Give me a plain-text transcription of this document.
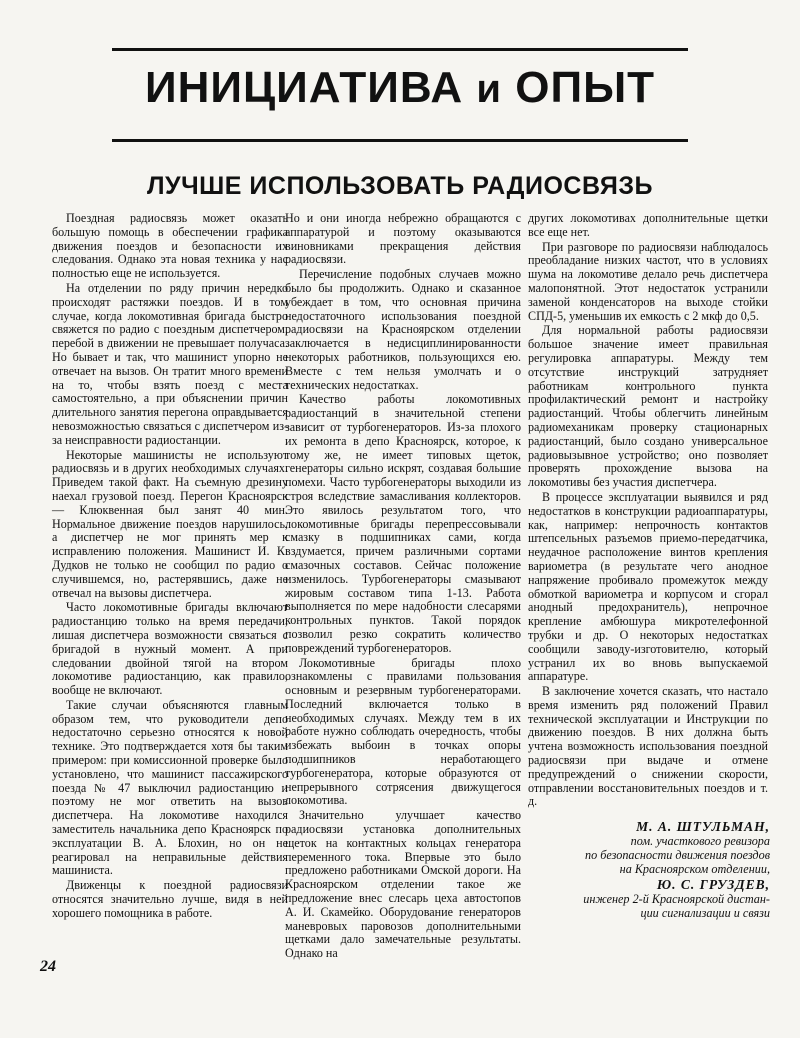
ИНИЦИАТИВА и ОПЫТ
ЛУЧШЕ ИСПОЛЬЗОВАТЬ РАДИОСВЯЗЬ

Поездная радиосвязь может оказать большую помощь в обеспечении графика движения поездов и безопасности их следования. Однако эта новая техника у нас полностью еще не используется.

На отделении по ряду причин нередко происходят растяжки поездов. И в том случае, когда локомотивная бригада быстро свяжется по радио с поездным диспетчером, перебой в движении не превышает получаса. Но бывает и так, что машинист упорно не отвечает на вызов. Он тратит много времени на то, чтобы взять поезд с места самостоятельно, а при объяснении причин длительного занятия перегона оправдывается невозможностью связаться с диспетчером из-за неисправности радиостанции.

Некоторые машинисты не используют радиосвязь и в других необходимых случаях. Приведем такой факт. На съемную дрезину наехал грузовой поезд. Перегон Красноярск — Клюквенная был занят 40 мин. Нормальное движение поездов нарушилось, а диспетчер не мог принять мер к исправлению положения. Машинист И. К. Дудков не только не сообщил по радио о случившемся, но, растерявшись, даже не отвечал на вызовы диспетчера.

Часто локомотивные бригады включают радиостанцию только на время передачи, лишая диспетчера возможности связаться с бригадой в нужный момент. А при следовании двойной тягой на втором локомотиве радиостанцию, как правило, вообще не включают.

Такие случаи объясняются главным образом тем, что руководители депо недостаточно серьезно относятся к новой технике. Это подтверждается хотя бы таким примером: при комиссионной проверке было установлено, что машинист пассажирского поезда № 47 выключил радиостанцию и поэтому не мог ответить на вызов диспетчера. На локомотиве находился заместитель начальника депо Красноярск по эксплуатации В. А. Блохин, но он не реагировал на неправильные действия машиниста.

Движенцы к поездной радиосвязи относятся значительно лучше, видя в ней хорошего помощника в работе.

Но и они иногда небрежно обращаются с аппаратурой и поэтому оказываются виновниками прекращения действия радиосвязи.

Перечисление подобных случаев можно было бы продолжить. Однако и сказанное убеждает в том, что основная причина недостаточного использования поездной радиосвязи на Красноярском отделении заключается в недисциплинированности некоторых работников, пользующихся ею. Вместе с тем нельзя умолчать и о технических недостатках.

Качество работы локомотивных радиостанций в значительной степени зависит от турбогенераторов. Из-за плохого их ремонта в депо Красноярск, которое, к тому же, не имеет типовых щеток, генераторы сильно искрят, создавая большие помехи. Часто турбогенераторы выходили из строя вследствие замасливания коллекторов. Это явилось результатом того, что локомотивные бригады перепрессовывали смазку в подшипниках сами, когда вздумается, причем различными сортами смазочных составов. Сейчас положение изменилось. Турбогенераторы смазывают жировым составом типа 1-13. Работа выполняется по мере надобности слесарями контрольных пунктов. Такой порядок позволил резко сократить количество повреждений турбогенераторов.

Локомотивные бригады плохо ознакомлены с правилами пользования основным и резервным турбогенераторами. Последний включается только в необходимых случаях. Между тем в их работе нужно соблюдать очередность, чтобы избежать выбоин в точках опоры подшипников неработающего турбогенератора, которые образуются от непрерывного сотрясения движущегося локомотива.

Значительно улучшает качество радиосвязи установка дополнительных щеток на контактных кольцах генератора переменного тока. Впервые это было предложено работниками Омской дороги. На Красноярском отделении такое же предложение внес слесарь цеха автостопов А. И. Скамейко. Оборудование генераторов маневровых паровозов дополнительными щетками дало замечательные результаты. Однако на

других локомотивах дополнительные щетки все еще нет.

При разговоре по радиосвязи наблюдалось преобладание низких частот, что в условиях шума на локомотиве делало речь диспетчера малопонятной. Этот недостаток устранили заменой конденсаторов на выходе стойки СПД-5, уменьшив их емкость с 2 мкф до 0,5.

Для нормальной работы радиосвязи большое значение имеет правильная регулировка аппаратуры. Между тем отсутствие инструкций затрудняет работникам контрольного пункта профилактический ремонт и настройку радиостанций. Чтобы облегчить линейным радиомеханикам проверку стационарных радиостанций, было создано универсальное радиовызывное устройство; оно позволяет проверять прохождение вызова на локомотивы без участия диспетчера.

В процессе эксплуатации выявился и ряд недостатков в конструкции радиоаппаратуры, как, например: непрочность контактов штепсельных разъемов приемо-передатчика, неудачное расположение винтов крепления вариометра (в результате чего анодное напряжение пробивало промежуток между обмоткой вариометра и корпусом и сгорал анодный предохранитель), непрочное крепление амбюшура микротелефонной трубки и др. О некоторых недостатках сообщили заводу-изготовителю, который устранил их во вновь выпускаемой аппаратуре.

В заключение хочется сказать, что настало время изменить ряд положений Правил технической эксплуатации и Инструкции по движению поездов. В них должна быть учтена возможность использования поездной радиосвязи при выдаче и отмене предупреждений о снижении скорости, отправлении восстановительных поездов и т. д.

М. А. ШТУЛЬМАН,
пом. участкового ревизора
по безопасности движения поездов
на Красноярском отделении,
Ю. С. ГРУЗДЕВ,
инженер 2-й Красноярской дистан-
ции сигнализации и связи
24
